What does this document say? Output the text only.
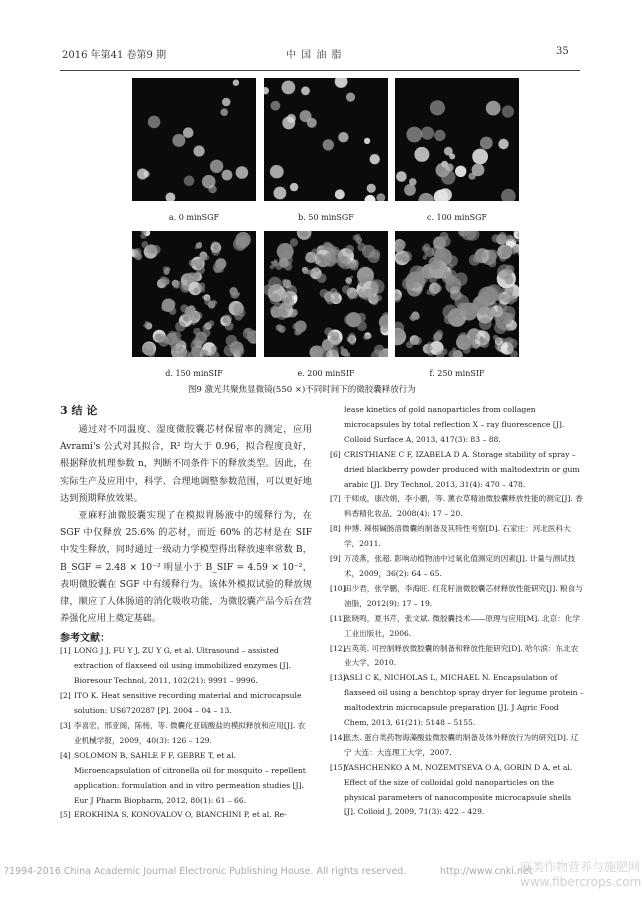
2016 年第41 卷第9 期	中 国 油 脂	35
a. 0 minSGF	b. 50 minSGF	c. 100 minSGF
d. 150 minSIF	e. 200 minSIF	f. 250 minSIF
图9 激光共聚焦显微镜(550 ×)不同时间下的微胶囊释放行为
3 结 论
通过对不同温度、湿度微胶囊芯材保留率的测定，应用 Avrami's 公式对其拟合，R² 均大于 0.96，拟合程度良好，根据释放机理参数 n，判断不同条件下的释放类型。因此，在实际生产及应用中，科学、合理地调整参数范围，可以更好地达到预期释放效果。
亚麻籽油微胶囊实现了在模拟胃肠液中的缓释行为，在 SGF 中仅释放 25.6% 的芯材，而近 60% 的芯材是在 SIF 中发生释放，同时通过一级动力学模型得出释放速率常数 B，B_SGF = 2.48 × 10⁻² 明显小于 B_SIF = 4.59 × 10⁻²，表明微胶囊在 SGF 中有缓释行为。该体外模拟试验的释放规律，顺应了人体肠道的消化吸收功能，为微胶囊产品今后在营养强化应用上奠定基础。
参考文献：
[1] LONG J J, FU Y J, ZU Y G, et al. Ultrasound – assisted extraction of flaxseed oil using immobilized enzymes [J]. Bioresour Technol, 2011, 102(21): 9991 – 9996.
[2] ITO K. Heat sensitive recording material and microcapsule solution: US6720287 [P]. 2004 – 04 – 13.
[3] 李喜宏，邢亚阁，陈杨，等. 微囊化亚硫酸盐的模拟释放和应用[J]. 农业机械学报，2009，40(3): 126 – 129.
[4] SOLOMON B, SAHLE F F, GEBRE T, et al. Microencapsulation of citronella oil for mosquito – repellent application: formulation and in vitro permeation studies [J]. Eur J Pharm Biopharm, 2012, 80(1): 61 – 66.
[5] EROKHINA S, KONOVALOV O, BIANCHINI P, et al. Re-
lease kinetics of gold nanoparticles from collagen microcapsules by total reflection X – ray fluorescence [J]. Colloid Surface A, 2013, 417(3): 83 – 88.
[6] CRISTHIANE C F, IZABELA D A. Storage stability of spray – dried blackberry powder produced with maltodextrin or gum arabic [J]. Dry Technol, 2013, 31(4): 470 – 478.
[7] 于师成，康改娟，李小鹏，等. 薰衣草精油微胶囊释放性能的测定[J]. 香料香精化妆品，2008(4): 17 – 20.
[8] 仲博. 辣根碱肠溶微囊的制备及其特性考察[D]. 石家庄：河北医科大学，2011.
[9] 万凌燕，张超. 影响动植物油中过氧化值测定的因素[J]. 计量与测试技术，2009，36(2): 64 – 65.
[10]
田少君，张学鹏，李海旺. 红花籽油微胶囊芯材释放性能研究[J]. 粮食与油脂，2012(9): 17 – 19.
[11]
张晓鸣，夏书芹，张文斌. 微胶囊技术——原理与应用[M]. 北京：化学工业出版社，2006.
[12]
占英英. 可控制释放微胶囊的制备和释放性能研究[D]. 哈尔滨：东北农业大学，2010.
[13]
ASLI C K, NICHOLAS L, MICHAEL N. Encapsulation of flaxseed oil using a benchtop spray dryer for legume protein – maltodextrin microcapsule preparation [J]. J Agric Food Chem, 2013, 61(21): 5148 – 5155.
[14]
张杰. 蛋白类药物海藻酸盐微胶囊的制备及体外释放行为的研究[D]. 辽宁 大连：大连理工大学，2007.
[15]
YASHCHENKO A M, NOZEMTSEVA O A, GORIN D A, et al. Effect of the size of colloidal gold nanoparticles on the physical parameters of nanocomposite microcapsule shells [J]. Colloid J, 2009, 71(3): 422 – 429.
?1994-2016 China Academic Journal Electronic Publishing House. All rights reserved.	http://www.cnki.net
麻类作物营养与施肥网 www.fibercrops.com
